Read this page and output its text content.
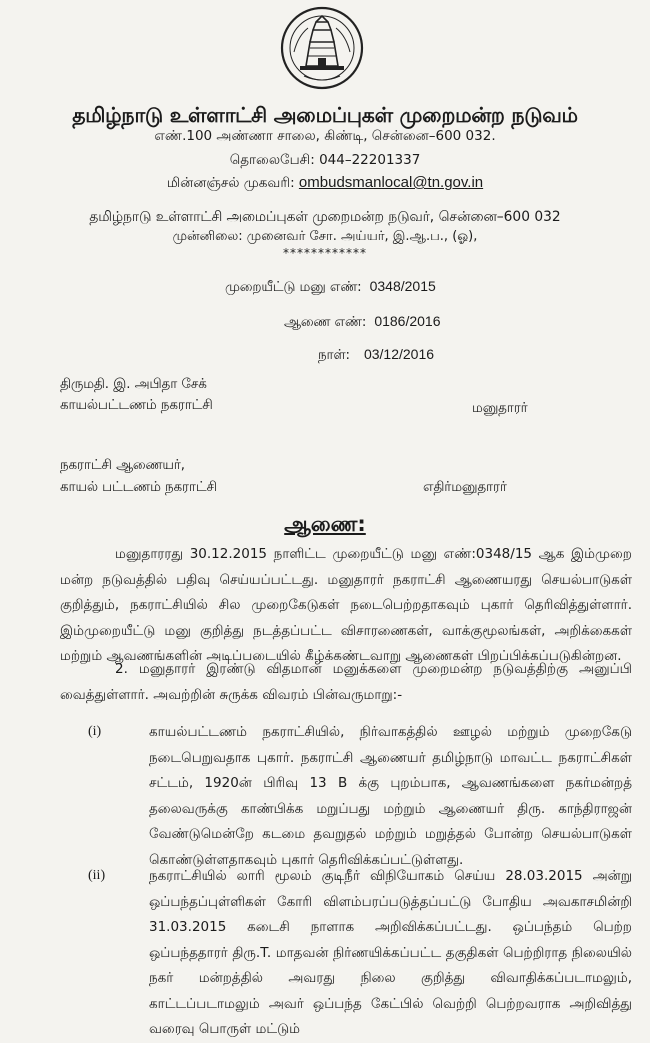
தமிழ்நாடு உள்ளாட்சி அமைப்புகள் முறைமன்ற நடுவம்
எண்.100 அண்ணா சாலை, கிண்டி, சென்னை–600 032.
தொலைபேசி: 044–22201337
மின்னஞ்சல் முகவரி: ombudsmanlocal@tn.gov.in
தமிழ்நாடு உள்ளாட்சி அமைப்புகள் முறைமன்ற நடுவர், சென்னை–600 032
முன்னிலை: முனைவர் சோ. அய்யர், இ.ஆ.ப., (ஓ),
************
முறையீட்டு மனு எண்: 0348/2015
ஆணை எண்: 0186/2016
நாள்: 03/12/2016
திருமதி. இ. அபிதா சேக்
காயல்பட்டணம் நகராட்சி	மனுதாரர்
நகராட்சி ஆணையர்,
காயல் பட்டணம் நகராட்சி	எதிர்மனுதாரர்
ஆணை:
மனுதாரரது 30.12.2015 நாளிட்ட முறையீட்டு மனு எண்:0348/15 ஆக இம்முறை மன்ற நடுவத்தில் பதிவு செய்யப்பட்டது. மனுதாரர் நகராட்சி ஆணையரது செயல்பாடுகள் குறித்தும், நகராட்சியில் சில முறைகேடுகள் நடைபெற்றதாகவும் புகார் தெரிவித்துள்ளார். இம்முறையீட்டு மனு குறித்து நடத்தப்பட்ட விசாரணைகள், வாக்குமூலங்கள், அறிக்கைகள் மற்றும் ஆவணங்களின் அடிப்படையில் கீழ்க்கண்டவாறு ஆணைகள் பிறப்பிக்கப்படுகின்றன.
2. மனுதாரர் இரண்டு விதமான மனுக்களை முறைமன்ற நடுவத்திற்கு அனுப்பி வைத்துள்ளார். அவற்றின் சுருக்க விவரம் பின்வருமாறு:-
(i)	காயல்பட்டணம் நகராட்சியில், நிர்வாகத்தில் ஊழல் மற்றும் முறைகேடு நடைபெறுவதாக புகார். நகராட்சி ஆணையர் தமிழ்நாடு மாவட்ட நகராட்சிகள் சட்டம், 1920ன் பிரிவு 13 B க்கு புறம்பாக, ஆவணங்களை நகர்மன்றத் தலைவருக்கு காண்பிக்க மறுப்பது மற்றும் ஆணையர் திரு. காந்திராஜன் வேண்டுமென்றே கடமை தவறுதல் மற்றும் மறுத்தல் போன்ற செயல்பாடுகள் கொண்டுள்ளதாகவும் புகார் தெரிவிக்கப்பட்டுள்ளது.
(ii)	நகராட்சியில் லாரி மூலம் குடிநீர் விநியோகம் செய்ய 28.03.2015 அன்று ஒப்பந்தப்புள்ளிகள் கோரி விளம்பரப்படுத்தப்பட்டு போதிய அவகாசமின்றி 31.03.2015 கடைசி நாளாக அறிவிக்கப்பட்டது. ஒப்பந்தம் பெற்ற ஒப்பந்ததாரர் திரு.T. மாதவன் நிர்ணயிக்கப்பட்ட தகுதிகள் பெற்றிராத நிலையில் நகர் மன்றத்தில் அவரது நிலை குறித்து விவாதிக்கப்படாமலும், காட்டப்படாமலும் அவர் ஒப்பந்த கேட்பில் வெற்றி பெற்றவராக அறிவித்து வரைவு பொருள் மட்டும்
